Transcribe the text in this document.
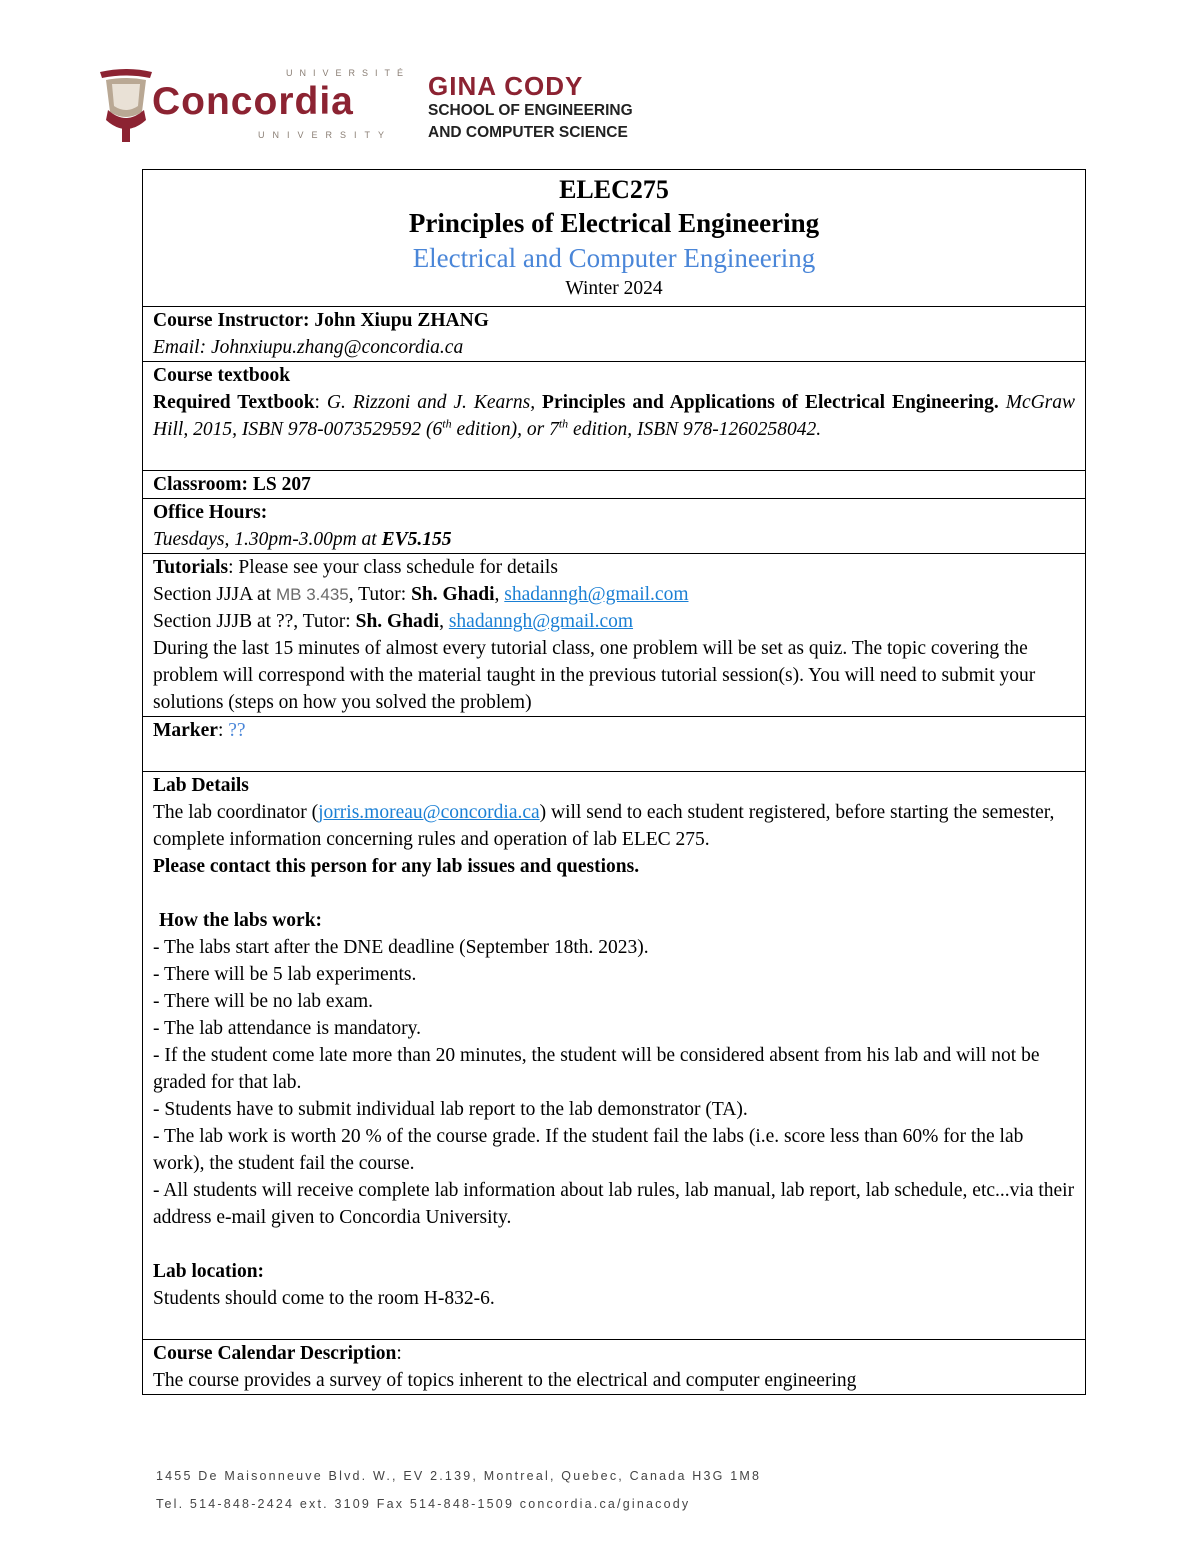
UNIVERSITÉ
Concordia
UNIVERSITY
GINA CODY
SCHOOL OF ENGINEERING
AND COMPUTER SCIENCE
ELEC275
Principles of Electrical Engineering
Electrical and Computer Engineering
Winter 2024

Course Instructor: John Xiupu ZHANG
Email: Johnxiupu.zhang@concordia.ca

Course textbook
Required Textbook: G. Rizzoni and J. Kearns, Principles and Applications of Electrical Engineering. McGraw Hill, 2015, ISBN 978-0073529592 (6th edition), or 7th edition, ISBN 978-1260258042.

Classroom: LS 207

Office Hours:
Tuesdays, 1.30pm-3.00pm at EV5.155

Tutorials: Please see your class schedule for details
Section JJJA at MB 3.435, Tutor: Sh. Ghadi, shadanngh@gmail.com
Section JJJB at ??, Tutor: Sh. Ghadi, shadanngh@gmail.com
During the last 15 minutes of almost every tutorial class, one problem will be set as quiz. The topic covering the problem will correspond with the material taught in the previous tutorial session(s). You will need to submit your solutions (steps on how you solved the problem)

Marker: ??

Lab Details
The lab coordinator (jorris.moreau@concordia.ca) will send to each student registered, before starting the semester, complete information concerning rules and operation of lab ELEC 275.
Please contact this person for any lab issues and questions.
How the labs work:
- The labs start after the DNE deadline (September 18th. 2023).
- There will be 5 lab experiments.
- There will be no lab exam.
- The lab attendance is mandatory.
- If the student come late more than 20 minutes, the student will be considered absent from his lab and will not be graded for that lab.
- Students have to submit individual lab report to the lab demonstrator (TA).
- The lab work is worth 20 % of the course grade. If the student fail the labs (i.e. score less than 60% for the lab work), the student fail the course.
- All students will receive complete lab information about lab rules, lab manual, lab report, lab schedule, etc...via their address e-mail given to Concordia University.
Lab location:
Students should come to the room H-832-6.

Course Calendar Description:
The course provides a survey of topics inherent to the electrical and computer engineering
1455 De Maisonneuve Blvd. W., EV 2.139, Montreal, Quebec, Canada H3G 1M8
Tel. 514-848-2424 ext. 3109 Fax 514-848-1509 concordia.ca/ginacody
